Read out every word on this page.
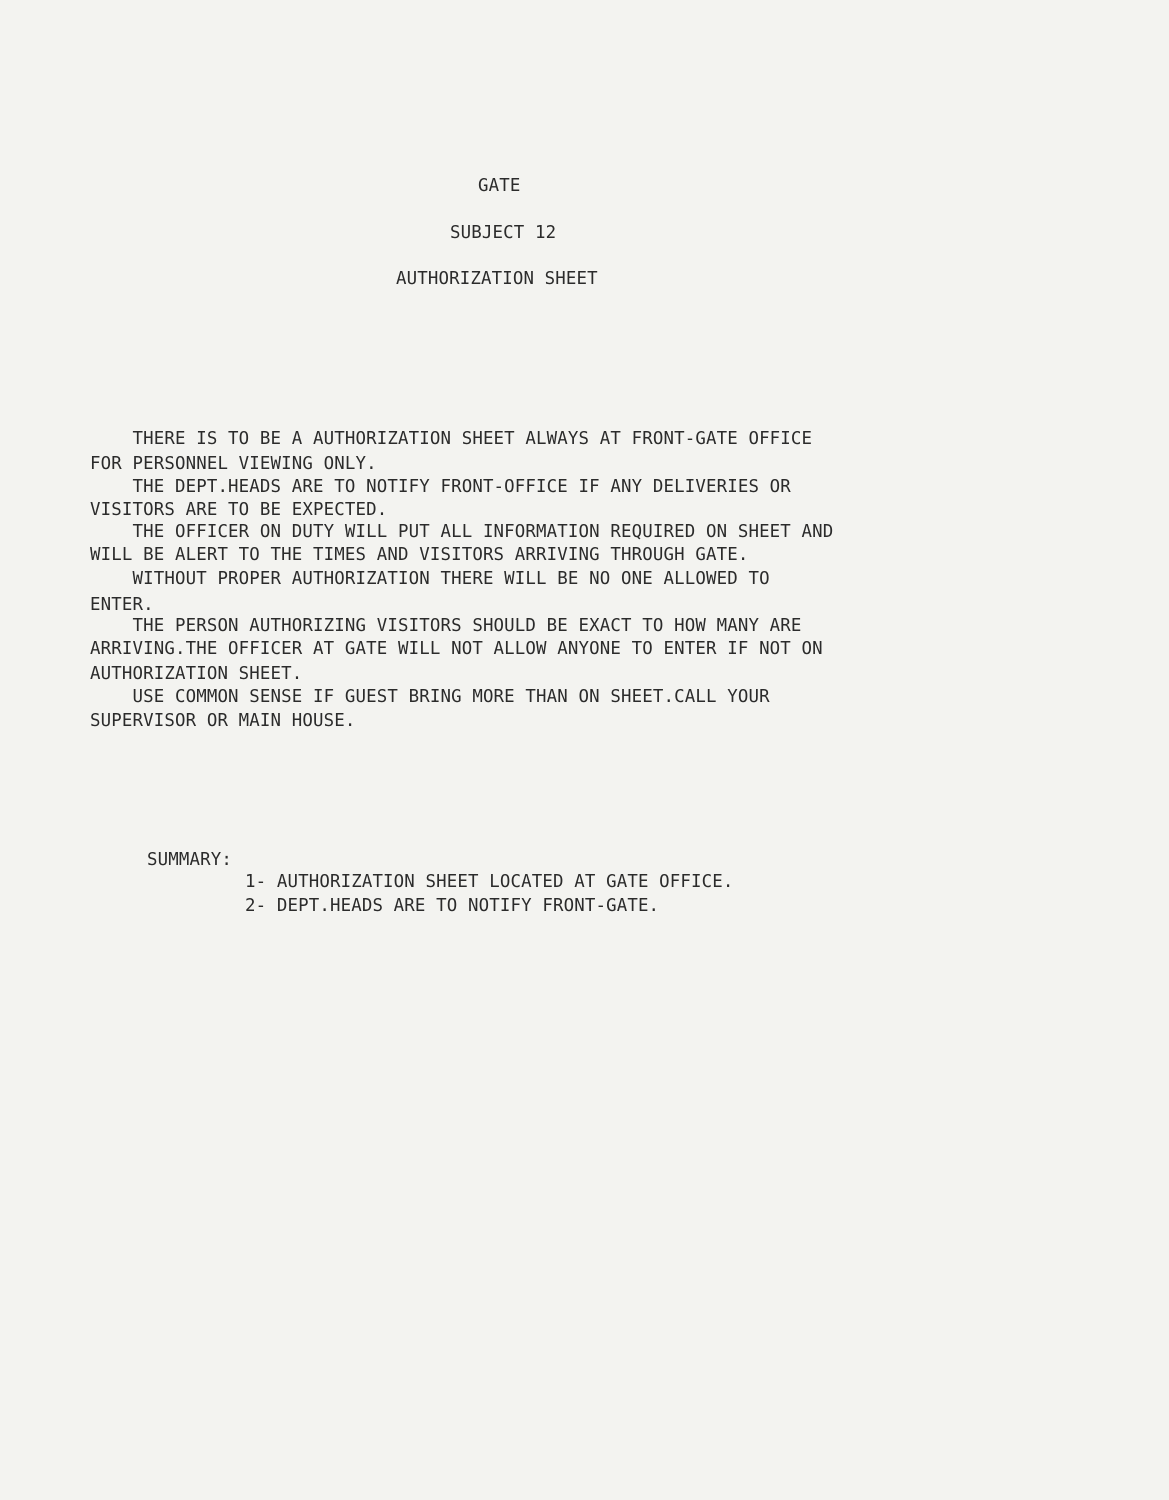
GATE
SUBJECT 12
AUTHORIZATION SHEET
THERE IS TO BE A AUTHORIZATION SHEET ALWAYS AT FRONT-GATE OFFICE
FOR PERSONNEL VIEWING ONLY.
THE DEPT.HEADS ARE TO NOTIFY FRONT-OFFICE IF ANY DELIVERIES OR
VISITORS ARE TO BE EXPECTED.
THE OFFICER ON DUTY WILL PUT ALL INFORMATION REQUIRED ON SHEET AND
WILL BE ALERT TO THE TIMES AND VISITORS ARRIVING THROUGH GATE.
WITHOUT PROPER AUTHORIZATION THERE WILL BE NO ONE ALLOWED TO
ENTER.
THE PERSON AUTHORIZING VISITORS SHOULD BE EXACT TO HOW MANY ARE
ARRIVING.THE OFFICER AT GATE WILL NOT ALLOW ANYONE TO ENTER IF NOT ON
AUTHORIZATION SHEET.
USE COMMON SENSE IF GUEST BRING MORE THAN ON SHEET.CALL YOUR
SUPERVISOR OR MAIN HOUSE.
SUMMARY:
1- AUTHORIZATION SHEET LOCATED AT GATE OFFICE.
2- DEPT.HEADS ARE TO NOTIFY FRONT-GATE.
